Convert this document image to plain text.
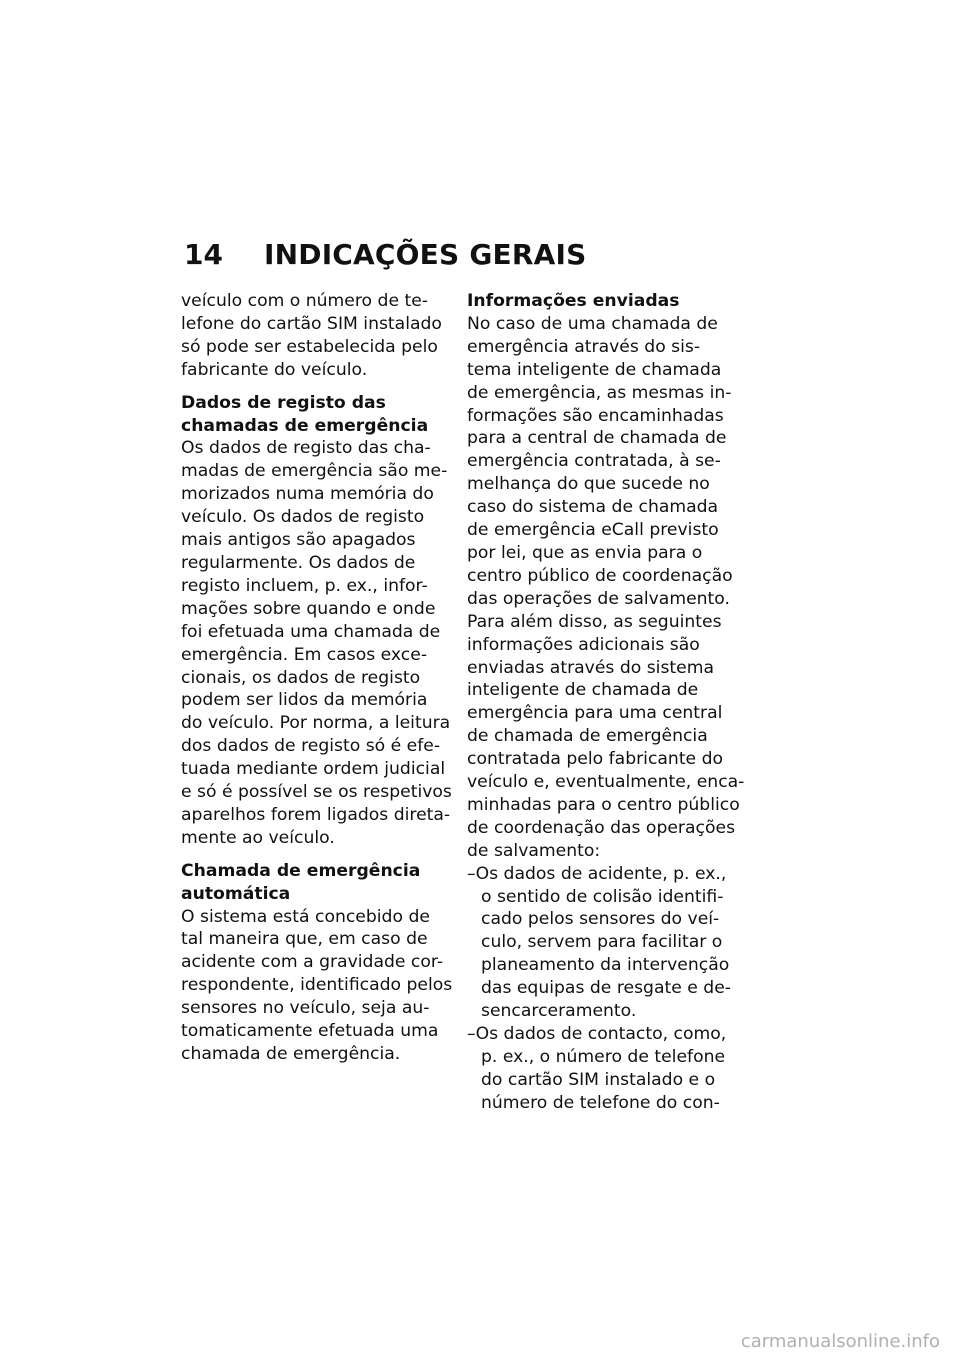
14	INDICAÇÕES GERAIS

veículo com o número de te-
lefone do cartão SIM instalado
só pode ser estabelecida pelo
fabricante do veículo.

Dados de registo das
chamadas de emergência

Os dados de registo das cha-
madas de emergência são me-
morizados numa memória do
veículo. Os dados de registo
mais antigos são apagados
regularmente. Os dados de
registo incluem, p. ex., infor-
mações sobre quando e onde
foi efetuada uma chamada de
emergência. Em casos exce-
cionais, os dados de registo
podem ser lidos da memória
do veículo. Por norma, a leitura
dos dados de registo só é efe-
tuada mediante ordem judicial
e só é possível se os respetivos
aparelhos forem ligados direta-
mente ao veículo.

Chamada de emergência
automática

O sistema está concebido de
tal maneira que, em caso de
acidente com a gravidade cor-
respondente, identificado pelos
sensores no veículo, seja au-
tomaticamente efetuada uma
chamada de emergência.

Informações enviadas

No caso de uma chamada de
emergência através do sis-
tema inteligente de chamada
de emergência, as mesmas in-
formações são encaminhadas
para a central de chamada de
emergência contratada, à se-
melhança do que sucede no
caso do sistema de chamada
de emergência eCall previsto
por lei, que as envia para o
centro público de coordenação
das operações de salvamento.
Para além disso, as seguintes
informações adicionais são
enviadas através do sistema
inteligente de chamada de
emergência para uma central
de chamada de emergência
contratada pelo fabricante do
veículo e, eventualmente, enca-
minhadas para o centro público
de coordenação das operações
de salvamento:

–Os dados de acidente, p. ex.,
o sentido de colisão identifi-
cado pelos sensores do veí-
culo, servem para facilitar o
planeamento da intervenção
das equipas de resgate e de-
sencarceramento.
–Os dados de contacto, como,
p. ex., o número de telefone
do cartão SIM instalado e o
número de telefone do con-
carmanualsonline.info
